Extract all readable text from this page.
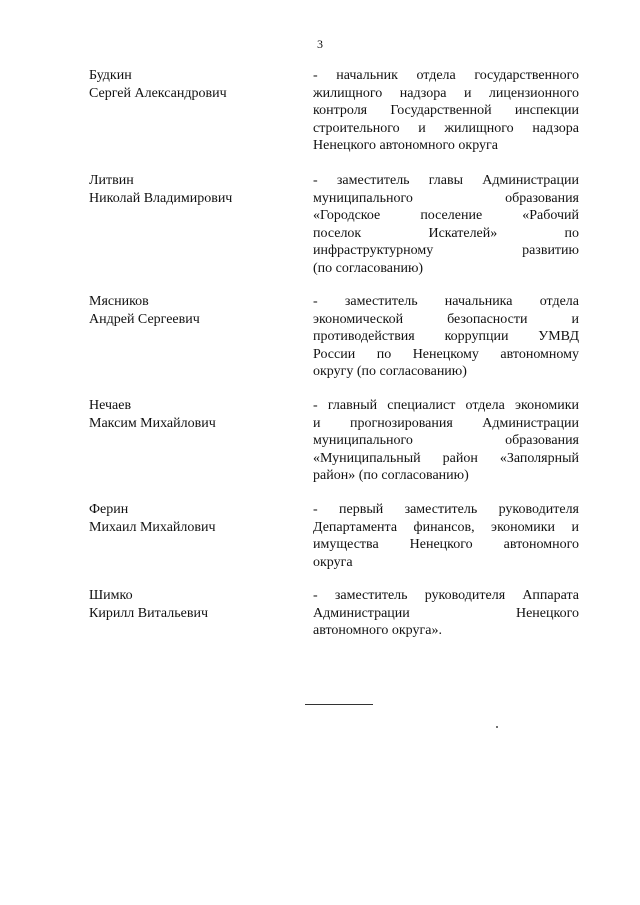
3
Будкин
Сергей Александрович
- начальник отдела государственного
жилищного надзора и лицензионного
контроля Государственной инспекции
строительного и жилищного надзора
Ненецкого автономного округа
Литвин
Николай Владимирович
- заместитель главы Администрации
муниципального образования
«Городское поселение «Рабочий
поселок Искателей» по
инфраструктурному развитию
(по согласованию)
Мясников
Андрей Сергеевич
- заместитель начальника отдела
экономической безопасности и
противодействия коррупции УМВД
России по Ненецкому автономному
округу (по согласованию)
Нечаев
Максим Михайлович
- главный специалист отдела экономики
и прогнозирования Администрации
муниципального образования
«Муниципальный район «Заполярный
район» (по согласованию)
Ферин
Михаил Михайлович
- первый заместитель руководителя
Департамента финансов, экономики и
имущества Ненецкого автономного
округа
Шимко
Кирилл Витальевич
- заместитель руководителя Аппарата
Администрации Ненецкого
автономного округа».
